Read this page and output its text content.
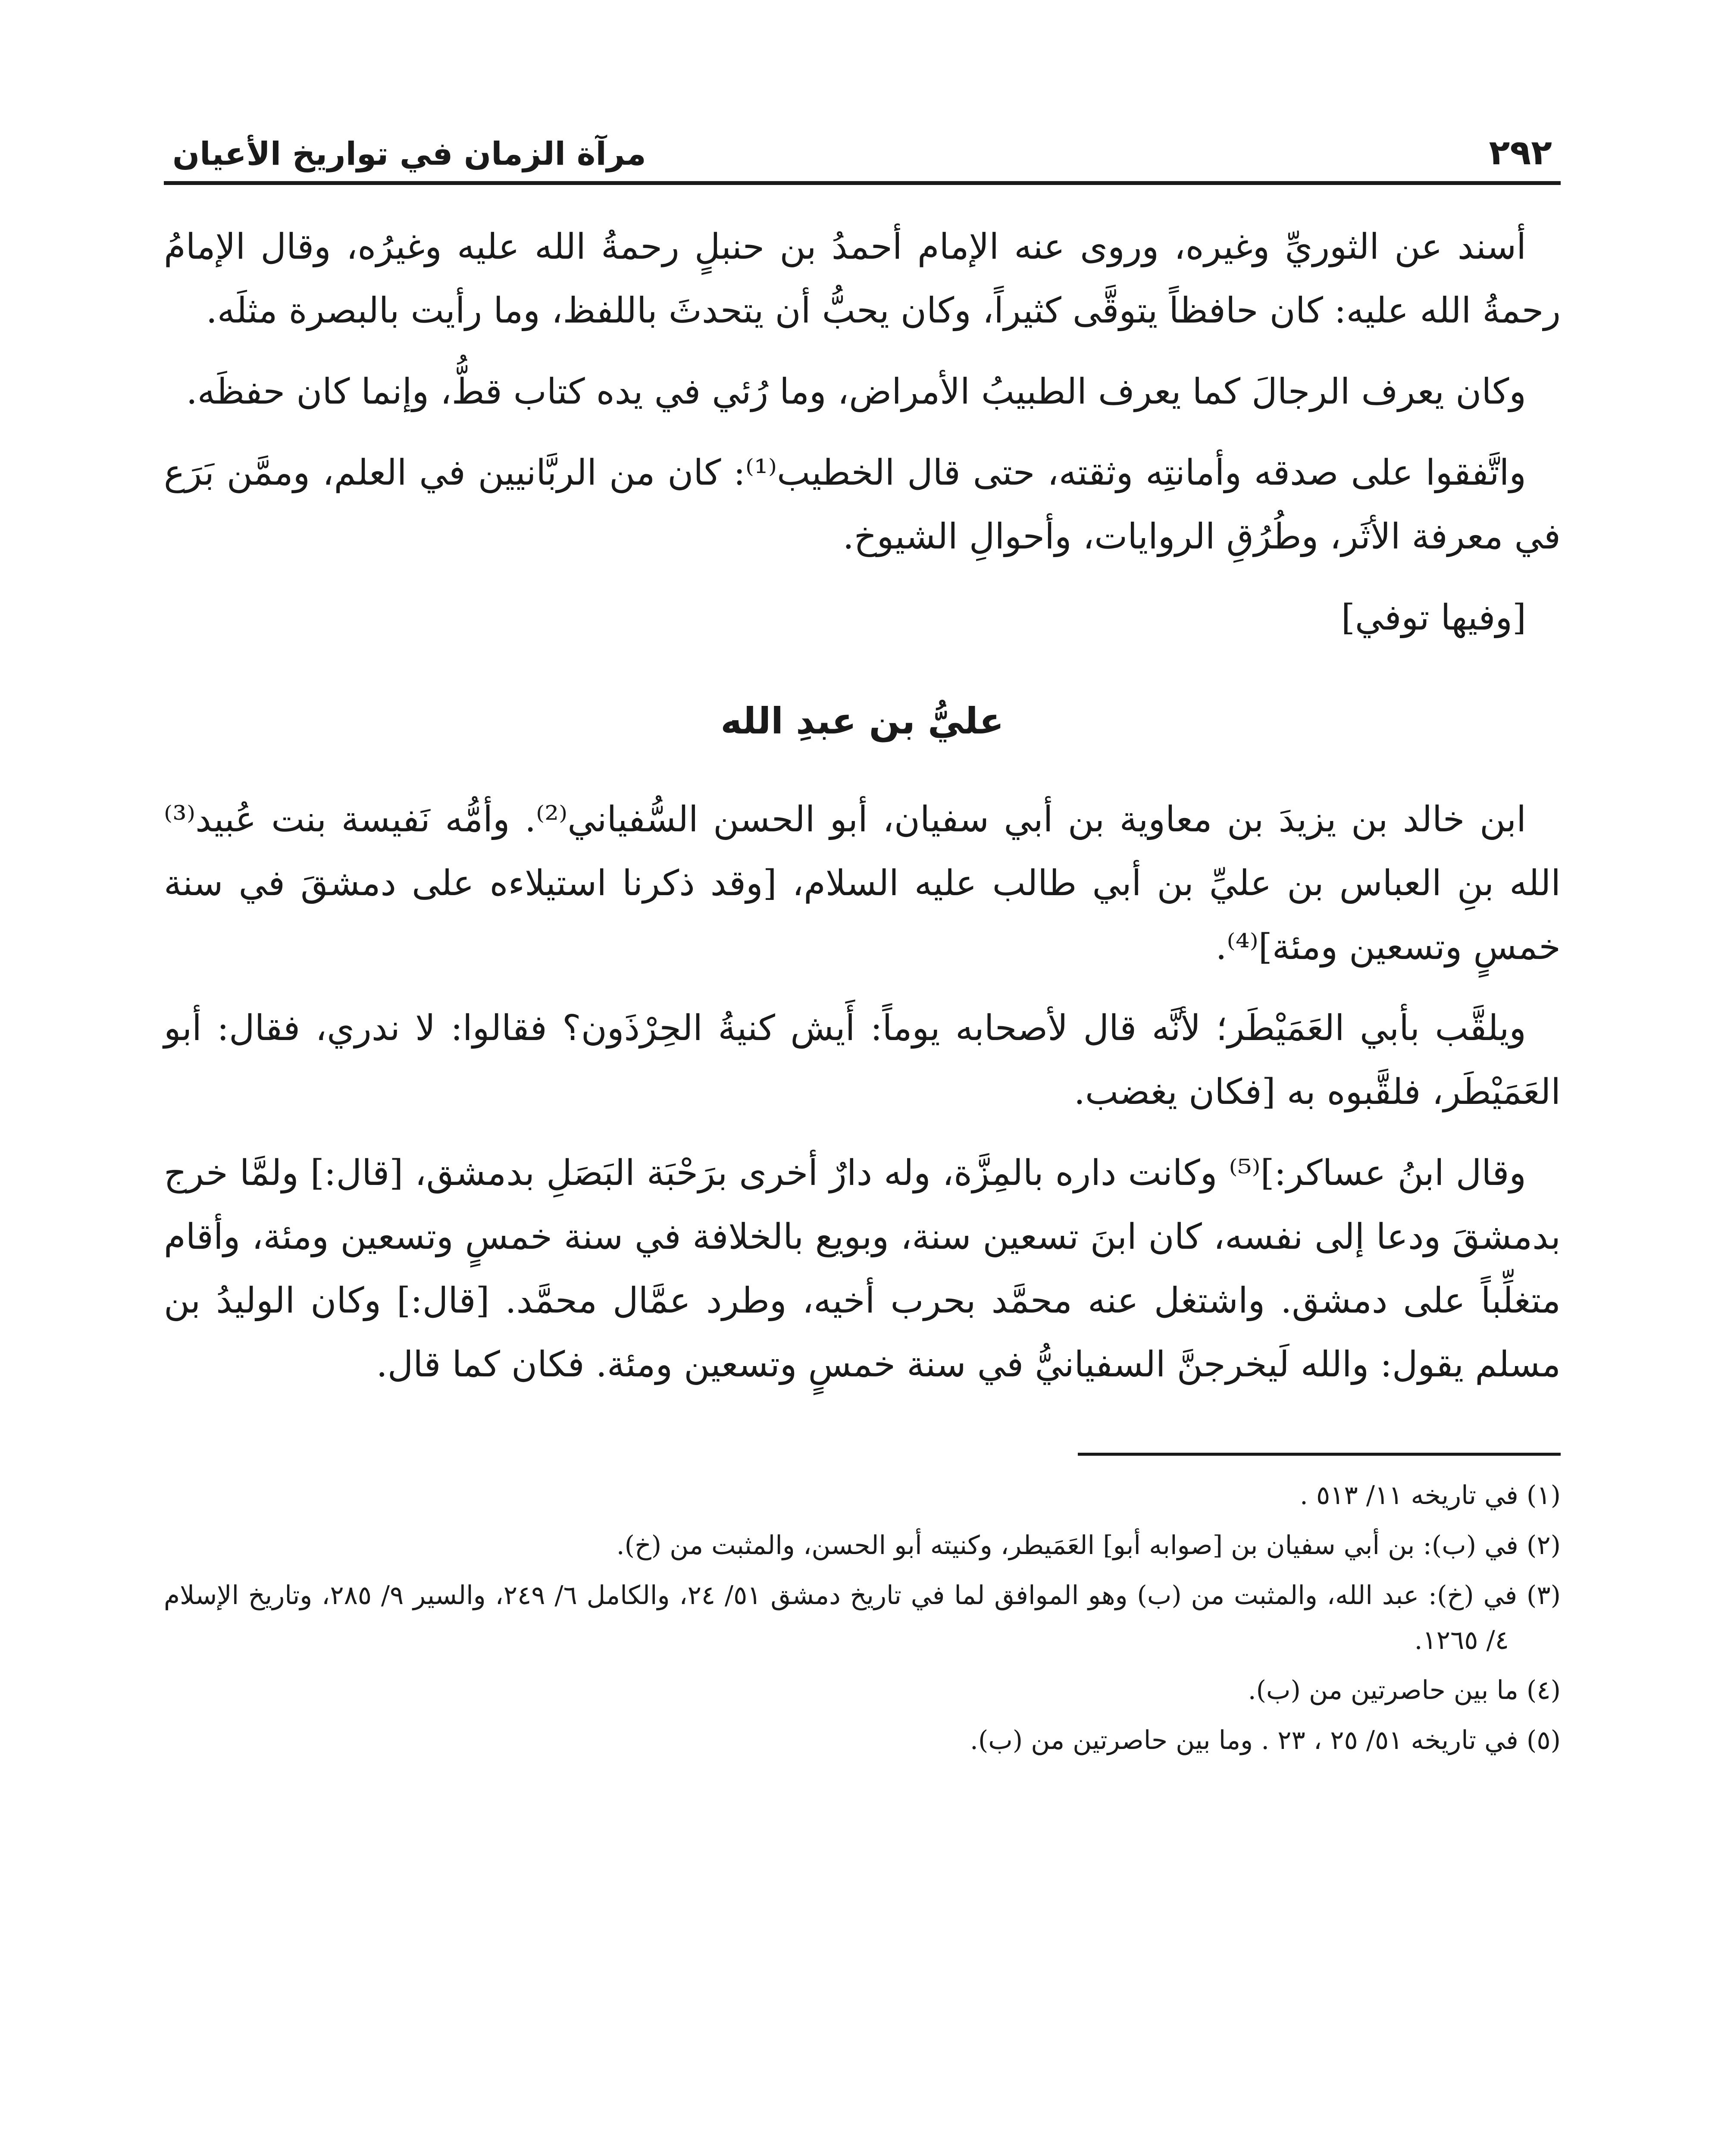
٢٩٢
مرآة الزمان في تواريخ الأعيان

أسند عن الثوريِّ وغيره، وروى عنه الإمام أحمدُ بن حنبلٍ رحمةُ الله عليه وغيرُه، وقال الإمامُ رحمةُ الله عليه: كان حافظاً يتوقَّى كثيراً، وكان يحبُّ أن يتحدثَ باللفظ، وما رأيت بالبصرة مثلَه.

وكان يعرف الرجالَ كما يعرف الطبيبُ الأمراض، وما رُئي في يده كتاب قطُّ، وإنما كان حفظَه.

واتَّفقوا على صدقه وأمانتِه وثقته، حتى قال الخطيب⁽¹⁾: كان من الربَّانيين في العلم، وممَّن بَرَع في معرفة الأثَر، وطُرُقِ الروايات، وأحوالِ الشيوخ.

[وفيها توفي]

عليُّ بن عبدِ الله

ابن خالد بن يزيدَ بن معاوية بن أبي سفيان، أبو الحسن السُّفياني⁽²⁾. وأمُّه نَفيسة بنت عُبيد⁽³⁾ الله بنِ العباس بن عليِّ بن أبي طالب عليه السلام، [وقد ذكرنا استيلاءه على دمشقَ في سنة خمسٍ وتسعين ومئة]⁽⁴⁾.

ويلقَّب بأبي العَمَيْطَر؛ لأنَّه قال لأصحابه يوماً: أَيش كنيةُ الحِرْذَون؟ فقالوا: لا ندري، فقال: أبو العَمَيْطَر، فلقَّبوه به [فكان يغضب.

وقال ابنُ عساكر:]⁽⁵⁾ وكانت داره بالمِزَّة، وله دارٌ أخرى برَحْبَة البَصَلِ بدمشق، [قال:] ولمَّا خرج بدمشقَ ودعا إلى نفسه، كان ابنَ تسعين سنة، وبويع بالخلافة في سنة خمسٍ وتسعين ومئة، وأقام متغلِّباً على دمشق. واشتغل عنه محمَّد بحرب أخيه، وطرد عمَّال محمَّد. [قال:] وكان الوليدُ بن مسلم يقول: والله لَيخرجنَّ السفيانيُّ في سنة خمسٍ وتسعين ومئة. فكان كما قال.

(١) في تاريخه ١١/ ٥١٣ .

(٢) في (ب): بن أبي سفيان بن [صوابه أبو] العَمَيطر، وكنيته أبو الحسن، والمثبت من (خ).

(٣) في (خ): عبد الله، والمثبت من (ب) وهو الموافق لما في تاريخ دمشق ٥١/ ٢٤، والكامل ٦/ ٢٤٩، والسير ٩/ ٢٨٥، وتاريخ الإسلام ٤/ ١٢٦٥.

(٤) ما بين حاصرتين من (ب).

(٥) في تاريخه ٥١/ ٢٥ ، ٢٣ . وما بين حاصرتين من (ب).
